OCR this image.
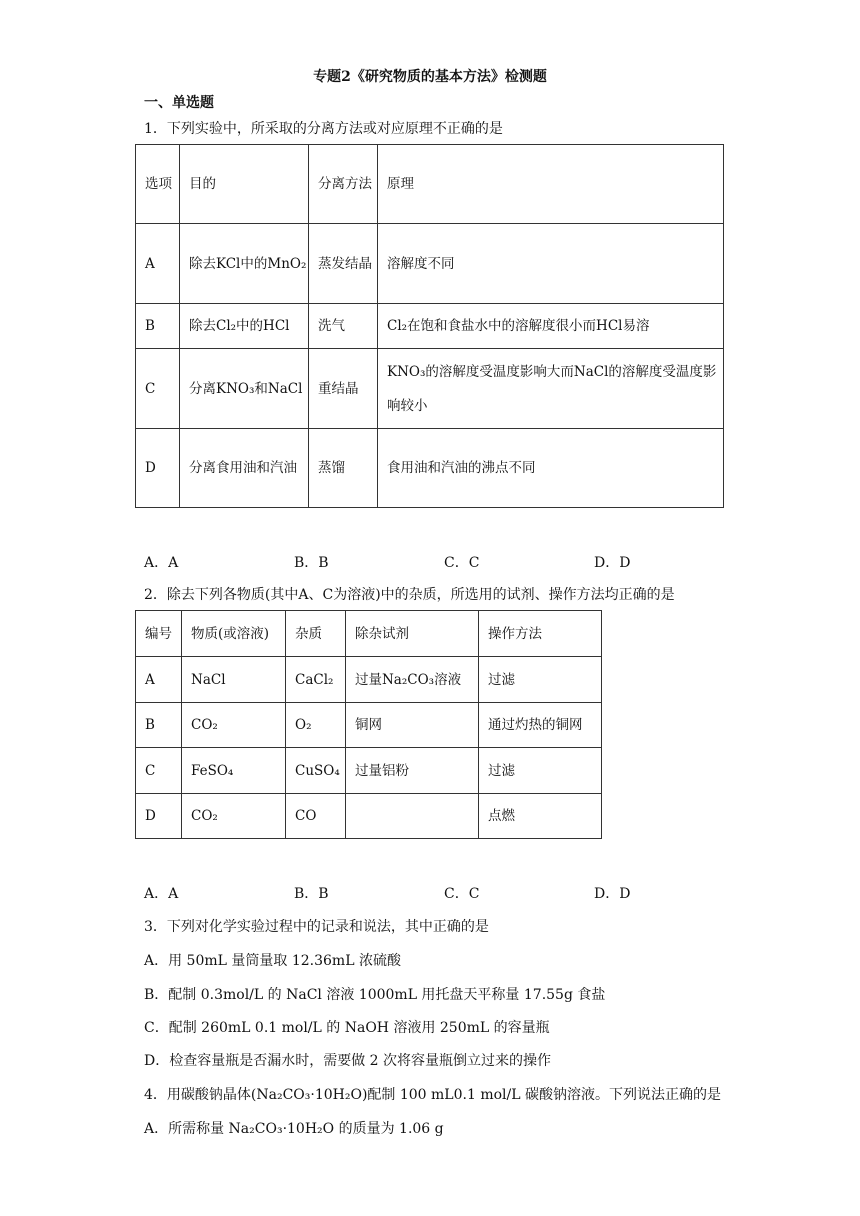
专题2《研究物质的基本方法》检测题
一、单选题
1．下列实验中，所采取的分离方法或对应原理不正确的是
选项	目的	分离方法	原理
A	除去KCl中的MnO₂	蒸发结晶	溶解度不同
B	除去Cl₂中的HCl	洗气	Cl₂在饱和食盐水中的溶解度很小而HCl易溶
C	分离KNO₃和NaCl	重结晶	KNO₃的溶解度受温度影响大而NaCl的溶解度受温度影响较小
D	分离食用油和汽油	蒸馏	食用油和汽油的沸点不同
A．A	B．B	C．C	D．D
2．除去下列各物质(其中A、C为溶液)中的杂质，所选用的试剂、操作方法均正确的是
编号	物质(或溶液)	杂质	除杂试剂	操作方法
A	NaCl	CaCl₂	过量Na₂CO₃溶液	过滤
B	CO₂	O₂	铜网	通过灼热的铜网
C	FeSO₄	CuSO₄	过量铝粉	过滤
D	CO₂	CO		点燃
A．A	B．B	C．C	D．D
3．下列对化学实验过程中的记录和说法，其中正确的是
A．用 50mL 量筒量取 12.36mL 浓硫酸
B．配制 0.3mol/L 的 NaCl 溶液 1000mL 用托盘天平称量 17.55g 食盐
C．配制 260mL 0.1 mol/L 的 NaOH 溶液用 250mL 的容量瓶
D．检查容量瓶是否漏水时，需要做 2 次将容量瓶倒立过来的操作
4．用碳酸钠晶体(Na₂CO₃·10H₂O)配制 100 mL0.1 mol/L 碳酸钠溶液。下列说法正确的是
A．所需称量 Na₂CO₃·10H₂O 的质量为 1.06 g
